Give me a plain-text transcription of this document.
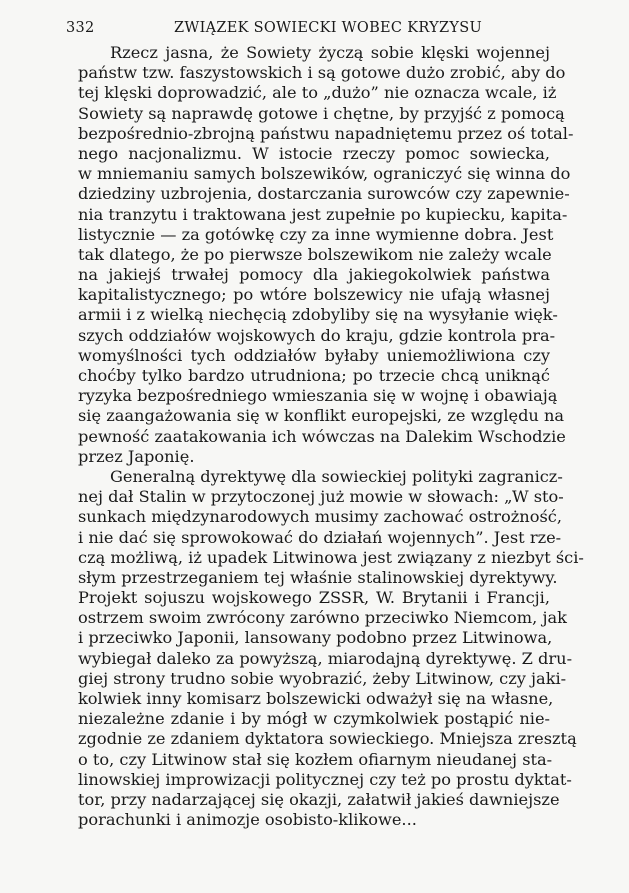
332	ZWIĄZEK SOWIECKI WOBEC KRYZYSU

Rzecz jasna, że Sowiety życzą sobie klęski wojennej
państw tzw. faszystowskich i są gotowe dużo zrobić, aby do
tej klęski doprowadzić, ale to „dużo” nie oznacza wcale, iż
Sowiety są naprawdę gotowe i chętne, by przyjść z pomocą
bezpośrednio-zbrojną państwu napadniętemu przez oś total-
nego nacjonalizmu. W istocie rzeczy pomoc sowiecka,
w mniemaniu samych bolszewików, ograniczyć się winna do
dziedziny uzbrojenia, dostarczania surowców czy zapewnie-
nia tranzytu i traktowana jest zupełnie po kupiecku, kapita-
listycznie — za gotówkę czy za inne wymienne dobra. Jest
tak dlatego, że po pierwsze bolszewikom nie zależy wcale
na jakiejś trwałej pomocy dla jakiegokolwiek państwa
kapitalistycznego; po wtóre bolszewicy nie ufają własnej
armii i z wielką niechęcią zdobyliby się na wysyłanie więk-
szych oddziałów wojskowych do kraju, gdzie kontrola pra-
womyślności tych oddziałów byłaby uniemożliwiona czy
choćby tylko bardzo utrudniona; po trzecie chcą uniknąć
ryzyka bezpośredniego wmieszania się w wojnę i obawiają
się zaangażowania się w konflikt europejski, ze względu na
pewność zaatakowania ich wówczas na Dalekim Wschodzie
przez Japonię.

Generalną dyrektywę dla sowieckiej polityki zagranicz-
nej dał Stalin w przytoczonej już mowie w słowach: „W sto-
sunkach międzynarodowych musimy zachować ostrożność,
i nie dać się sprowokować do działań wojennych”. Jest rze-
czą możliwą, iż upadek Litwinowa jest związany z niezbyt ści-
słym przestrzeganiem tej właśnie stalinowskiej dyrektywy.
Projekt sojuszu wojskowego ZSSR, W. Brytanii i Francji,
ostrzem swoim zwrócony zarówno przeciwko Niemcom, jak
i przeciwko Japonii, lansowany podobno przez Litwinowa,
wybiegał daleko za powyższą, miarodajną dyrektywę. Z dru-
giej strony trudno sobie wyobrazić, żeby Litwinow, czy jaki-
kolwiek inny komisarz bolszewicki odważył się na własne,
niezależne zdanie i by mógł w czymkolwiek postąpić nie-
zgodnie ze zdaniem dyktatora sowieckiego. Mniejsza zresztą
o to, czy Litwinow stał się kozłem ofiarnym nieudanej sta-
linowskiej improwizacji politycznej czy też po prostu dyktat-
tor, przy nadarzającej się okazji, załatwił jakieś dawniejsze
porachunki i animozje osobisto-klikowe...
